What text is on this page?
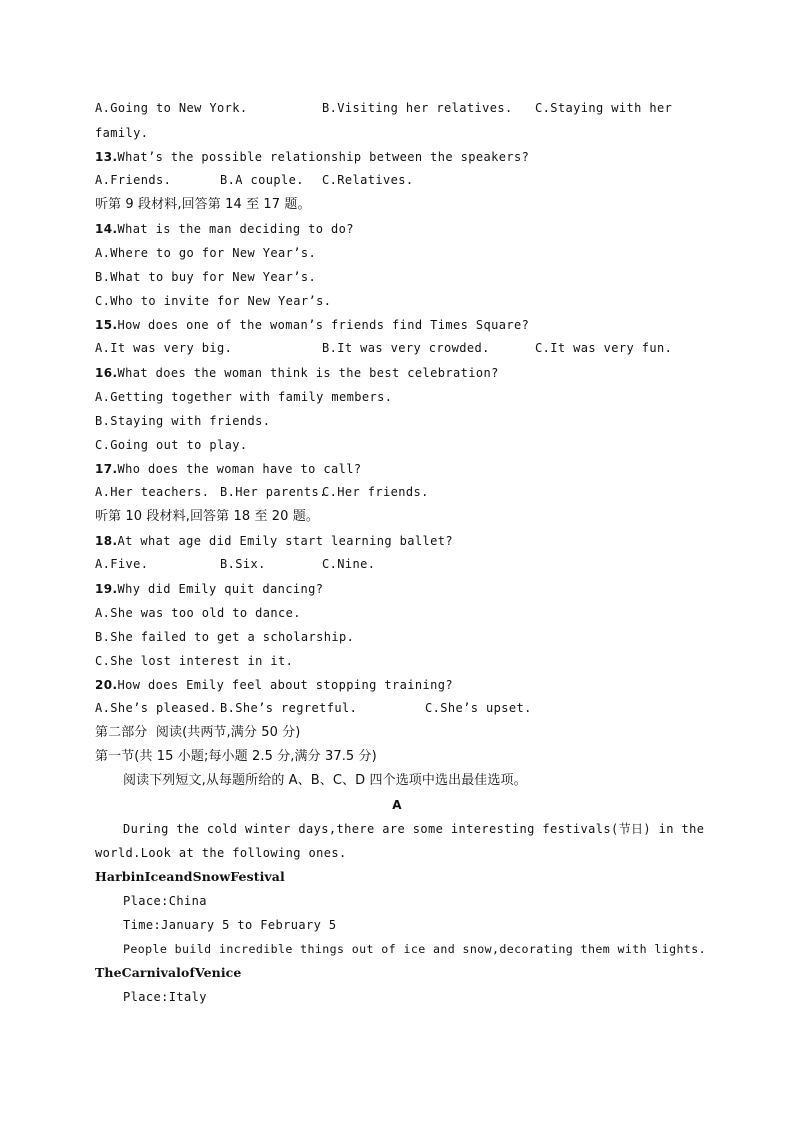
A.Going to New York.	B.Visiting her relatives. C.Staying with her
family.
13.What’s the possible relationship between the speakers?
A.Friends.	B.A couple. C.Relatives.
听第 9 段材料,回答第 14 至 17 题。
14.What is the man deciding to do?
A.Where to go for New Year’s.
B.What to buy for New Year’s.
C.Who to invite for New Year’s.
15.How does one of the woman’s friends find Times Square?
A.It was very big.	B.It was very crowded.	C.It was very fun.
16.What does the woman think is the best celebration?
A.Getting together with family members.
B.Staying with friends.
C.Going out to play.
17.Who does the woman have to call?
A.Her teachers. B.Her parents.
C.Her friends.
听第 10 段材料,回答第 18 至 20 题。
18.At what age did Emily start learning ballet?
A.Five.	B.Six.	C.Nine.
19.Why did Emily quit dancing?
A.She was too old to dance.
B.She failed to get a scholarship.
C.She lost interest in it.
20.How does Emily feel about stopping training?
A.She’s pleased. B.She’s regretful.	C.She’s upset.
第二部分  阅读(共两节,满分 50 分)
第一节(共 15 小题;每小题 2.5 分,满分 37.5 分)
阅读下列短文,从每题所给的 A、B、C、D 四个选项中选出最佳选项。
A
During the cold winter days,there are some interesting festivals(节日) in the
world.Look at the following ones.
HarbinIceandSnowFestival
Place:China
Time:January 5 to February 5
People build incredible things out of ice and snow,decorating them with lights.
TheCarnivalofVenice
Place:Italy
